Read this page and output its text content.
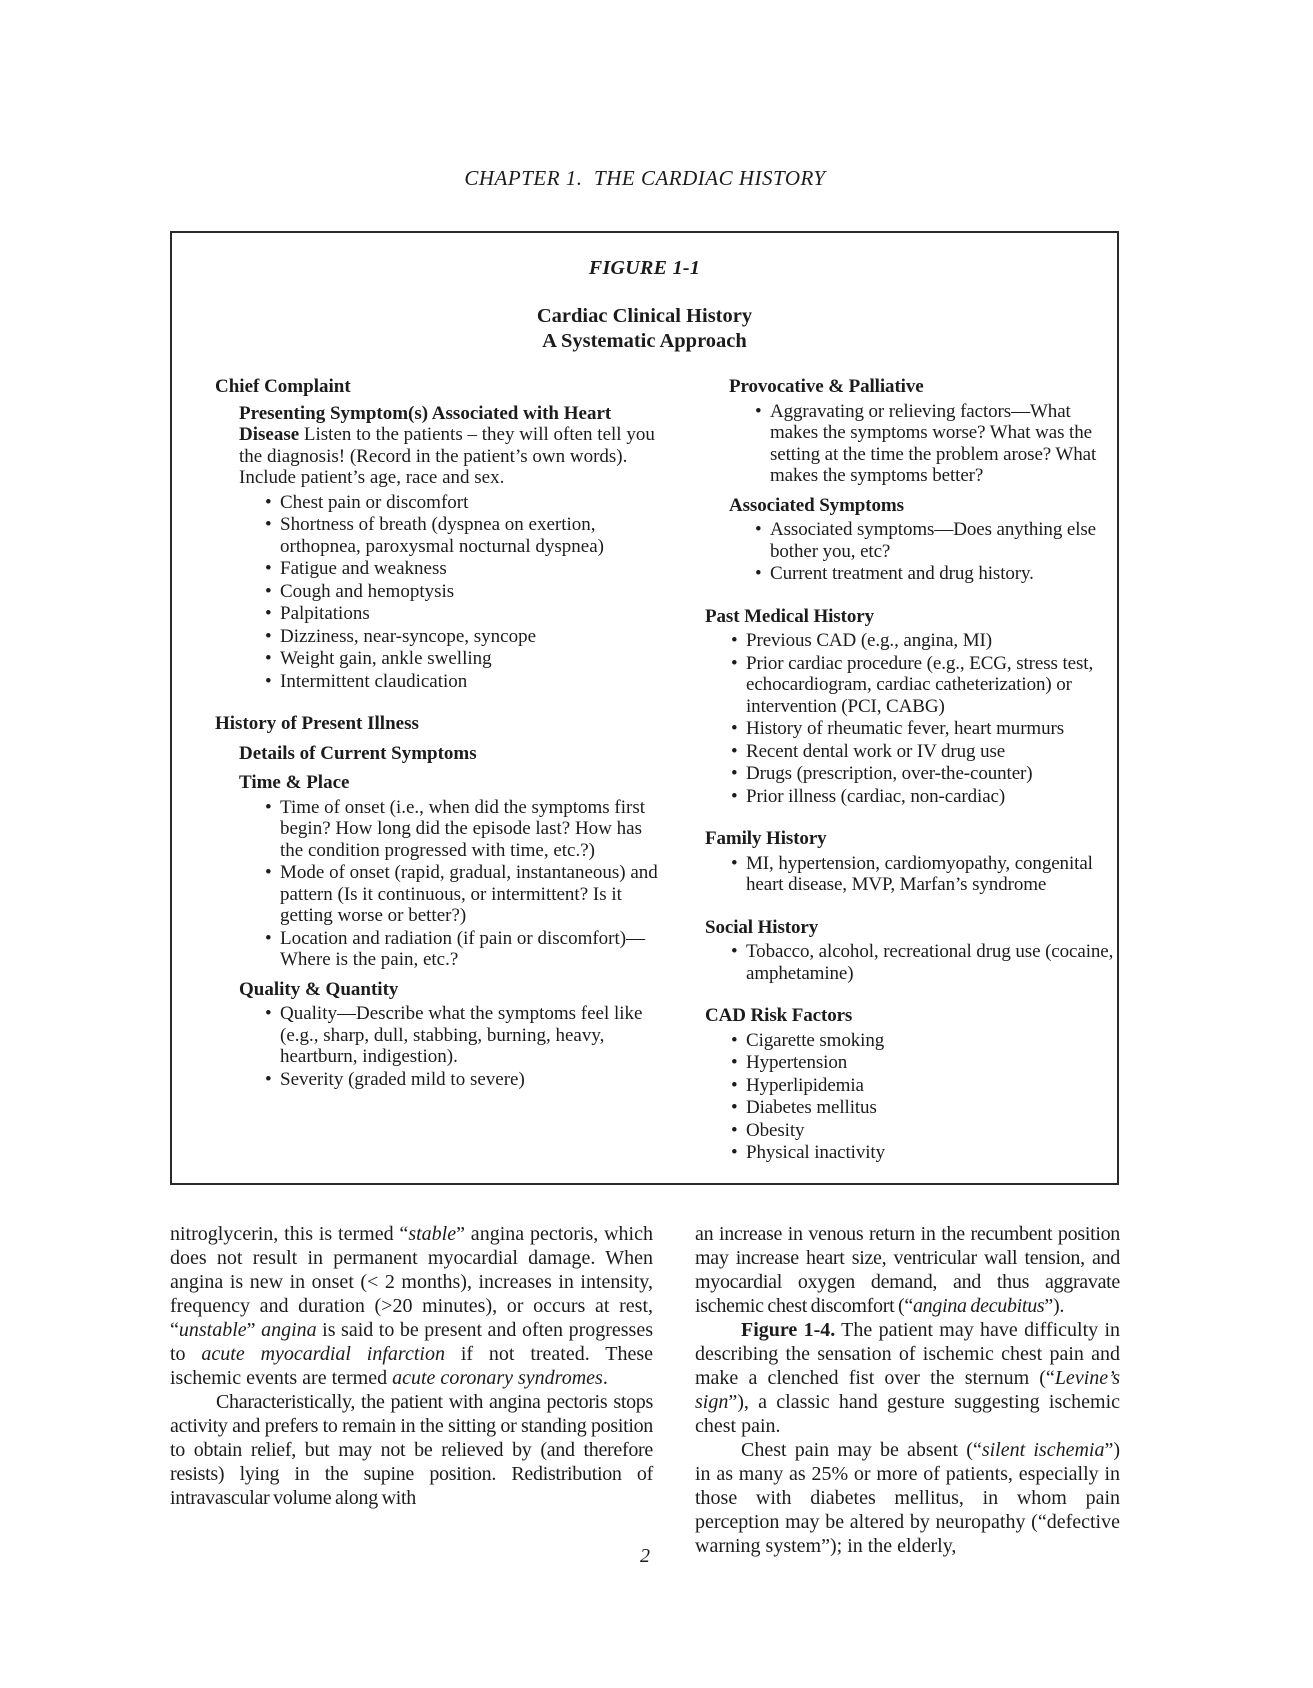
CHAPTER 1.  THE CARDIAC HISTORY
FIGURE 1-1
Cardiac Clinical History
A Systematic Approach
Chief Complaint

Presenting Symptom(s) Associated with Heart Disease Listen to the patients – they will often tell you the diagnosis! (Record in the patient’s own words). Include patient’s age, race and sex.

• Chest pain or discomfort
• Shortness of breath (dyspnea on exertion, orthopnea, paroxysmal nocturnal dyspnea)
• Fatigue and weakness
• Cough and hemoptysis
• Palpitations
• Dizziness, near-syncope, syncope
• Weight gain, ankle swelling
• Intermittent claudication
History of Present Illness
Details of Current Symptoms
Time & Place
• Time of onset (i.e., when did the symptoms first begin? How long did the episode last? How has the condition progressed with time, etc.?)
• Mode of onset (rapid, gradual, instantaneous) and pattern (Is it continuous, or intermittent? Is it getting worse or better?)
• Location and radiation (if pain or discomfort)—Where is the pain, etc.?
Quality & Quantity
• Quality—Describe what the symptoms feel like (e.g., sharp, dull, stabbing, burning, heavy, heartburn, indigestion).
• Severity (graded mild to severe)
Provocative & Palliative
• Aggravating or relieving factors—What makes the symptoms worse? What was the setting at the time the problem arose? What makes the symptoms better?
Associated Symptoms
• Associated symptoms—Does anything else bother you, etc?
• Current treatment and drug history.
Past Medical History
• Previous CAD (e.g., angina, MI)
• Prior cardiac procedure (e.g., ECG, stress test, echocardiogram, cardiac catheterization) or intervention (PCI, CABG)
• History of rheumatic fever, heart murmurs
• Recent dental work or IV drug use
• Drugs (prescription, over-the-counter)
• Prior illness (cardiac, non-cardiac)
Family History
• MI, hypertension, cardiomyopathy, congenital heart disease, MVP, Marfan’s syndrome
Social History
• Tobacco, alcohol, recreational drug use (cocaine, amphetamine)
CAD Risk Factors
• Cigarette smoking
• Hypertension
• Hyperlipidemia
• Diabetes mellitus
• Obesity
• Physical inactivity

nitroglycerin, this is termed “stable” angina pectoris, which does not result in permanent myocardial damage. When angina is new in onset (< 2 months), increases in intensity, frequency and duration (>20 minutes), or occurs at rest, “unstable” angina is said to be present and often progresses to acute myocardial infarction if not treated. These ischemic events are termed acute coronary syndromes.

Characteristically, the patient with angina pectoris stops activity and prefers to remain in the sitting or standing position to obtain relief, but may not be relieved by (and therefore resists) lying in the supine position. Redistribution of intravascular volume along with

an increase in venous return in the recumbent position may increase heart size, ventricular wall tension, and myocardial oxygen demand, and thus aggravate ischemic chest discomfort (“angina decubitus”).

Figure 1-4. The patient may have difficulty in describing the sensation of ischemic chest pain and make a clenched fist over the sternum (“Levine’s sign”), a classic hand gesture suggesting ischemic chest pain.

Chest pain may be absent (“silent ischemia”) in as many as 25% or more of patients, especially in those with diabetes mellitus, in whom pain perception may be altered by neuropathy (“defective warning system”); in the elderly,

2
